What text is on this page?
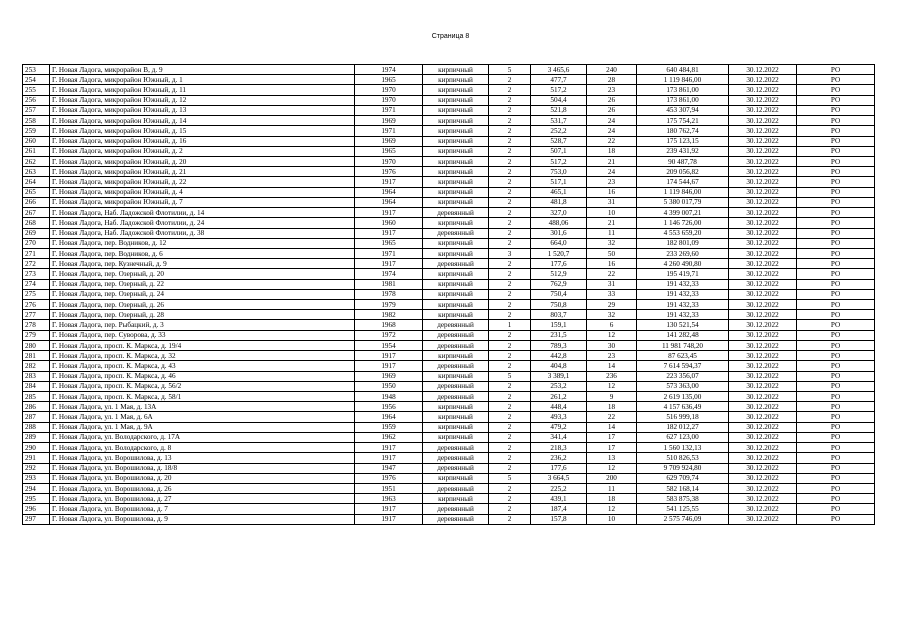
Страница 8
253	Г. Новая Ладога, микрорайон В, д. 9	1974	кирпичный	5	3 465,6	240	640 484,81	30.12.2022	РО
254	Г. Новая Ладога, микрорайон Южный, д. 1	1965	кирпичный	2	477,7	28	1 119 846,00	30.12.2022	РО
255	Г. Новая Ладога, микрорайон Южный, д. 11	1970	кирпичный	2	517,2	23	173 861,00	30.12.2022	РО
256	Г. Новая Ладога, микрорайон Южный, д. 12	1970	кирпичный	2	504,4	26	173 861,00	30.12.2022	РО
257	Г. Новая Ладога, микрорайон Южный, д. 13	1971	кирпичный	2	521,8	26	453 307,94	30.12.2022	РО
258	Г. Новая Ладога, микрорайон Южный, д. 14	1969	кирпичный	2	531,7	24	175 754,21	30.12.2022	РО
259	Г. Новая Ладога, микрорайон Южный, д. 15	1971	кирпичный	2	252,2	24	180 762,74	30.12.2022	РО
260	Г. Новая Ладога, микрорайон Южный, д. 16	1969	кирпичный	2	528,7	22	175 123,15	30.12.2022	РО
261	Г. Новая Ладога, микрорайон Южный, д. 2	1965	кирпичный	2	507,1	18	239 431,92	30.12.2022	РО
262	Г. Новая Ладога, микрорайон Южный, д. 20	1970	кирпичный	2	517,2	21	90 487,78	30.12.2022	РО
263	Г. Новая Ладога, микрорайон Южный, д. 21	1976	кирпичный	2	753,0	24	209 056,82	30.12.2022	РО
264	Г. Новая Ладога, микрорайон Южный, д. 22	1917	кирпичный	2	517,1	23	174 544,67	30.12.2022	РО
265	Г. Новая Ладога, микрорайон Южный, д. 4	1964	кирпичный	2	465,1	16	1 119 846,00	30.12.2022	РО
266	Г. Новая Ладога, микрорайон Южный, д. 7	1964	кирпичный	2	481,8	31	5 380 017,79	30.12.2022	РО
267	Г. Новая Ладога, Наб. Ладожской Флотилии, д. 14	1917	деревянный	2	327,0	10	4 399 007,21	30.12.2022	РО
268	Г. Новая Ладога, Наб. Ладожской Флотилии, д. 24	1960	кирпичный	2	488,06	21	1 146 726,00	30.12.2022	РО
269	Г. Новая Ладога, Наб. Ладожской Флотилии, д. 38	1917	деревянный	2	301,6	11	4 553 659,20	30.12.2022	РО
270	Г. Новая Ладога, пер. Водников, д. 12	1965	кирпичный	2	664,0	32	182 801,09	30.12.2022	РО
271	Г. Новая Ладога, пер. Водников, д. 6	1971	кирпичный	3	1 520,7	50	233 269,60	30.12.2022	РО
272	Г. Новая Ладога, пер. Кузнечный, д. 9	1917	деревянный	2	177,6	16	4 260 490,80	30.12.2022	РО
273	Г. Новая Ладога, пер. Озерный, д. 20	1974	кирпичный	2	512,9	22	195 419,71	30.12.2022	РО
274	Г. Новая Ладога, пер. Озерный, д. 22	1981	кирпичный	2	762,9	31	191 432,33	30.12.2022	РО
275	Г. Новая Ладога, пер. Озерный, д. 24	1978	кирпичный	2	750,4	33	191 432,33	30.12.2022	РО
276	Г. Новая Ладога, пер. Озерный, д. 26	1979	кирпичный	2	750,8	29	191 432,33	30.12.2022	РО
277	Г. Новая Ладога, пер. Озерный, д. 28	1982	кирпичный	2	803,7	32	191 432,33	30.12.2022	РО
278	Г. Новая Ладога, пер. Рыбацкий, д. 3	1968	деревянный	1	159,1	6	130 521,54	30.12.2022	РО
279	Г. Новая Ладога, пер. Суворова, д. 33	1972	деревянный	2	231,5	12	141 282,48	30.12.2022	РО
280	Г. Новая Ладога, просп. К. Маркса, д. 19/4	1954	деревянный	2	789,3	30	11 981 748,20	30.12.2022	РО
281	Г. Новая Ладога, просп. К. Маркса, д. 32	1917	кирпичный	2	442,8	23	87 623,45	30.12.2022	РО
282	Г. Новая Ладога, просп. К. Маркса, д. 43	1917	деревянный	2	404,8	14	7 614 594,37	30.12.2022	РО
283	Г. Новая Ладога, просп. К. Маркса, д. 46	1969	кирпичный	5	3 389,1	236	223 356,07	30.12.2022	РО
284	Г. Новая Ладога, просп. К. Маркса, д. 56/2	1950	деревянный	2	253,2	12	573 363,00	30.12.2022	РО
285	Г. Новая Ладога, просп. К. Маркса, д. 58/1	1948	деревянный	2	261,2	9	2 619 135,00	30.12.2022	РО
286	Г. Новая Ладога, ул. 1 Мая, д. 13А	1956	кирпичный	2	448,4	18	4 157 636,49	30.12.2022	РО
287	Г. Новая Ладога, ул. 1 Мая, д. 6А	1964	кирпичный	2	493,3	22	516 999,18	30.12.2022	РО
288	Г. Новая Ладога, ул. 1 Мая, д. 9А	1959	кирпичный	2	479,2	14	182 012,27	30.12.2022	РО
289	Г. Новая Ладога, ул. Володарского, д. 17А	1962	кирпичный	2	341,4	17	627 123,00	30.12.2022	РО
290	Г. Новая Ладога, ул. Володарского, д. 8	1917	деревянный	2	218,3	17	1 560 132,13	30.12.2022	РО
291	Г. Новая Ладога, ул. Ворошилова, д. 13	1917	деревянный	2	236,2	13	510 826,53	30.12.2022	РО
292	Г. Новая Ладога, ул. Ворошилова, д. 18/8	1947	деревянный	2	177,6	12	9 709 924,80	30.12.2022	РО
293	Г. Новая Ладога, ул. Ворошилова, д. 20	1976	кирпичный	5	3 664,5	200	629 709,74	30.12.2022	РО
294	Г. Новая Ладога, ул. Ворошилова, д. 26	1951	деревянный	2	225,2	11	582 168,14	30.12.2022	РО
295	Г. Новая Ладога, ул. Ворошилова, д. 27	1963	кирпичный	2	439,1	18	583 875,38	30.12.2022	РО
296	Г. Новая Ладога, ул. Ворошилова, д. 7	1917	деревянный	2	187,4	12	541 125,55	30.12.2022	РО
297	Г. Новая Ладога, ул. Ворошилова, д. 9	1917	деревянный	2	157,8	10	2 575 746,09	30.12.2022	РО
